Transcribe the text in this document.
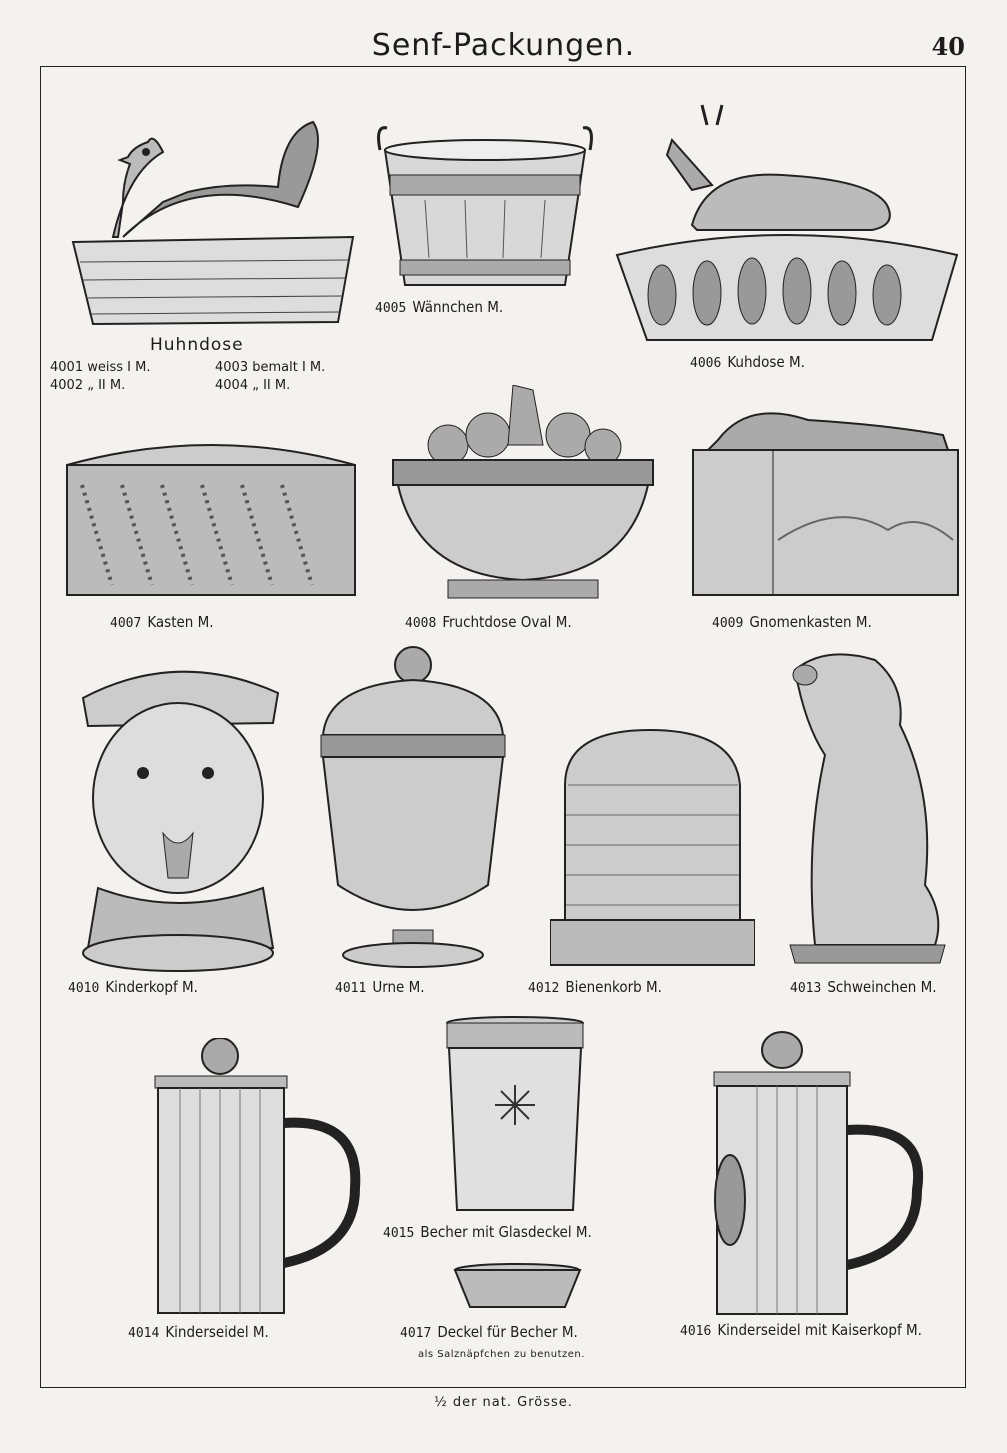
Senf-Packungen.	40
Huhndose
4001 weiss I M.	4003 bemalt I M.
4002 „ II M.	4004 „ II M.
4005 Wännchen M.
4006 Kuhdose M.
4007 Kasten M.	4008 Fruchtdose Oval M.	4009 Gnomenkasten M.
4010 Kinderkopf M.	4011 Urne M.	4012 Bienenkorb M.	4013 Schweinchen M.
4014 Kinderseidel M.
4015 Becher mit Glasdeckel M.
4017 Deckel für Becher M.
als Salznäpfchen zu benutzen.
4016 Kinderseidel mit Kaiserkopf M.
½ der nat. Grösse.
